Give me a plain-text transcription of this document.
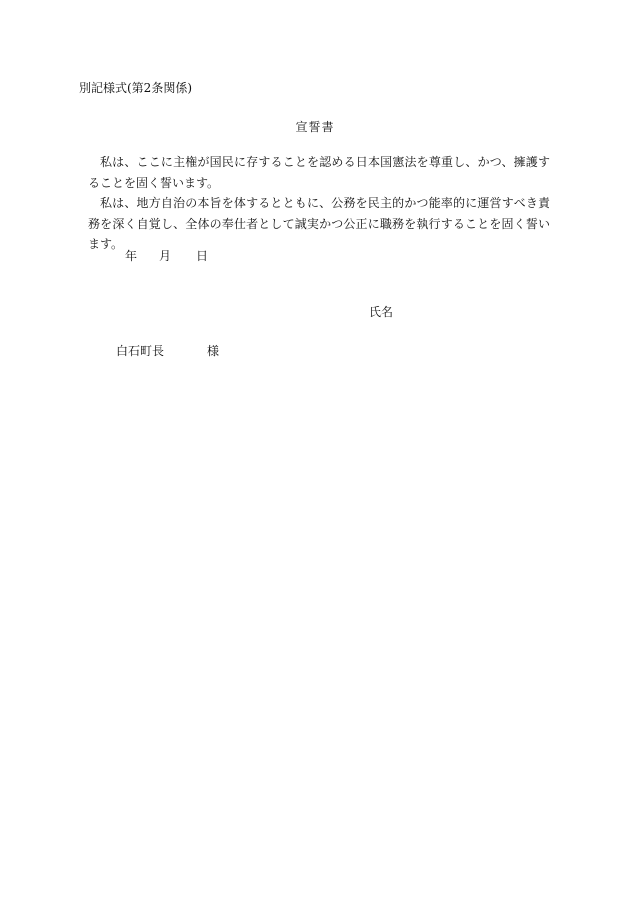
別記様式(第2条関係)

宣誓書

私は、ここに主権が国民に存することを認める日本国憲法を尊重し、かつ、擁護することを固く誓います。

私は、地方自治の本旨を体するとともに、公務を民主的かつ能率的に運営すべき責務を深く自覚し、全体の奉仕者として誠実かつ公正に職務を執行することを固く誓います。

年 月 日
氏名
白石町長	様
